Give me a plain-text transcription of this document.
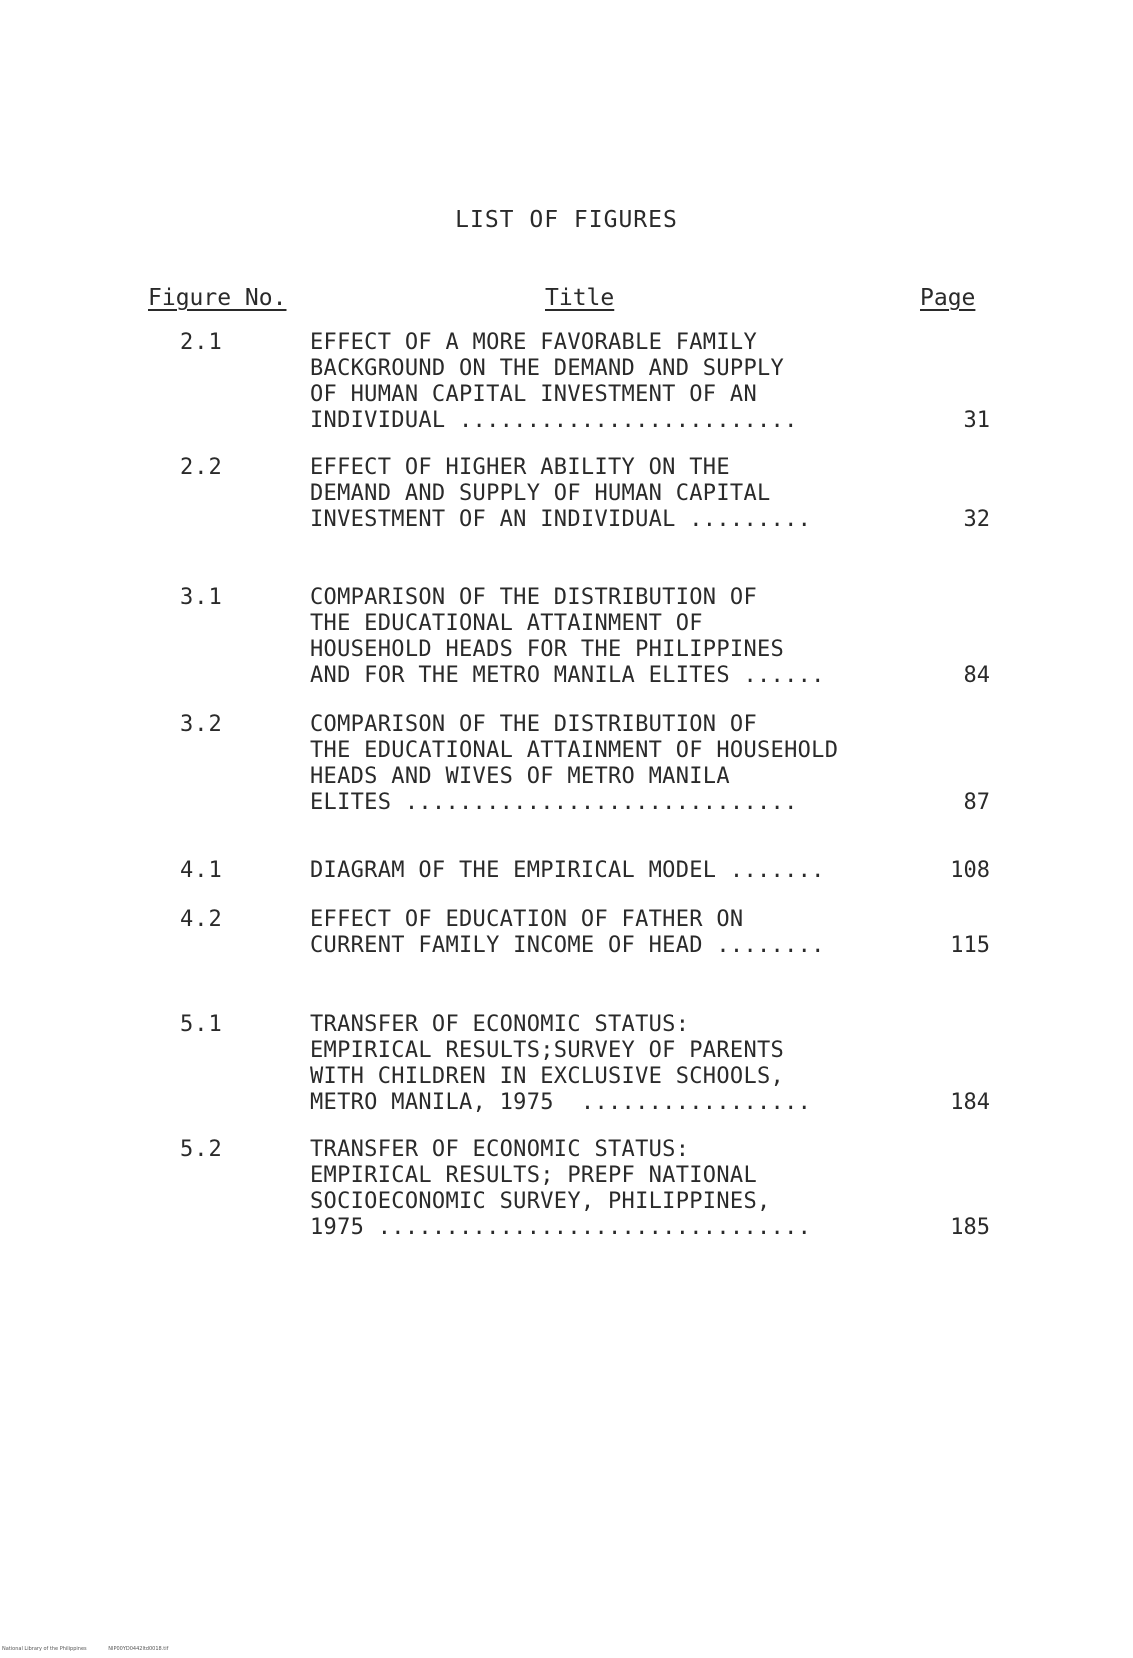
LIST OF FIGURES
Figure No.	Title	Page
2.1	EFFECT OF A MORE FAVORABLE FAMILY
BACKGROUND ON THE DEMAND AND SUPPLY
OF HUMAN CAPITAL INVESTMENT OF AN
INDIVIDUAL .........................	31
2.2	EFFECT OF HIGHER ABILITY ON THE
DEMAND AND SUPPLY OF HUMAN CAPITAL
INVESTMENT OF AN INDIVIDUAL .........	32
3.1	COMPARISON OF THE DISTRIBUTION OF
THE EDUCATIONAL ATTAINMENT OF
HOUSEHOLD HEADS FOR THE PHILIPPINES
AND FOR THE METRO MANILA ELITES ......	84
3.2	COMPARISON OF THE DISTRIBUTION OF
THE EDUCATIONAL ATTAINMENT OF HOUSEHOLD
HEADS AND WIVES OF METRO MANILA
ELITES .............................	87
4.1	DIAGRAM OF THE EMPIRICAL MODEL .......	108
4.2	EFFECT OF EDUCATION OF FATHER ON
CURRENT FAMILY INCOME OF HEAD ........	115
5.1	TRANSFER OF ECONOMIC STATUS:
EMPIRICAL RESULTS;SURVEY OF PARENTS
WITH CHILDREN IN EXCLUSIVE SCHOOLS,
METRO MANILA, 1975  .................	184
5.2	TRANSFER OF ECONOMIC STATUS:
EMPIRICAL RESULTS; PREPF NATIONAL
SOCIOECONOMIC SURVEY, PHILIPPINES,
1975 ................................	185
National Library of the Philippines	NIP00YD0442ltd0018.tif
